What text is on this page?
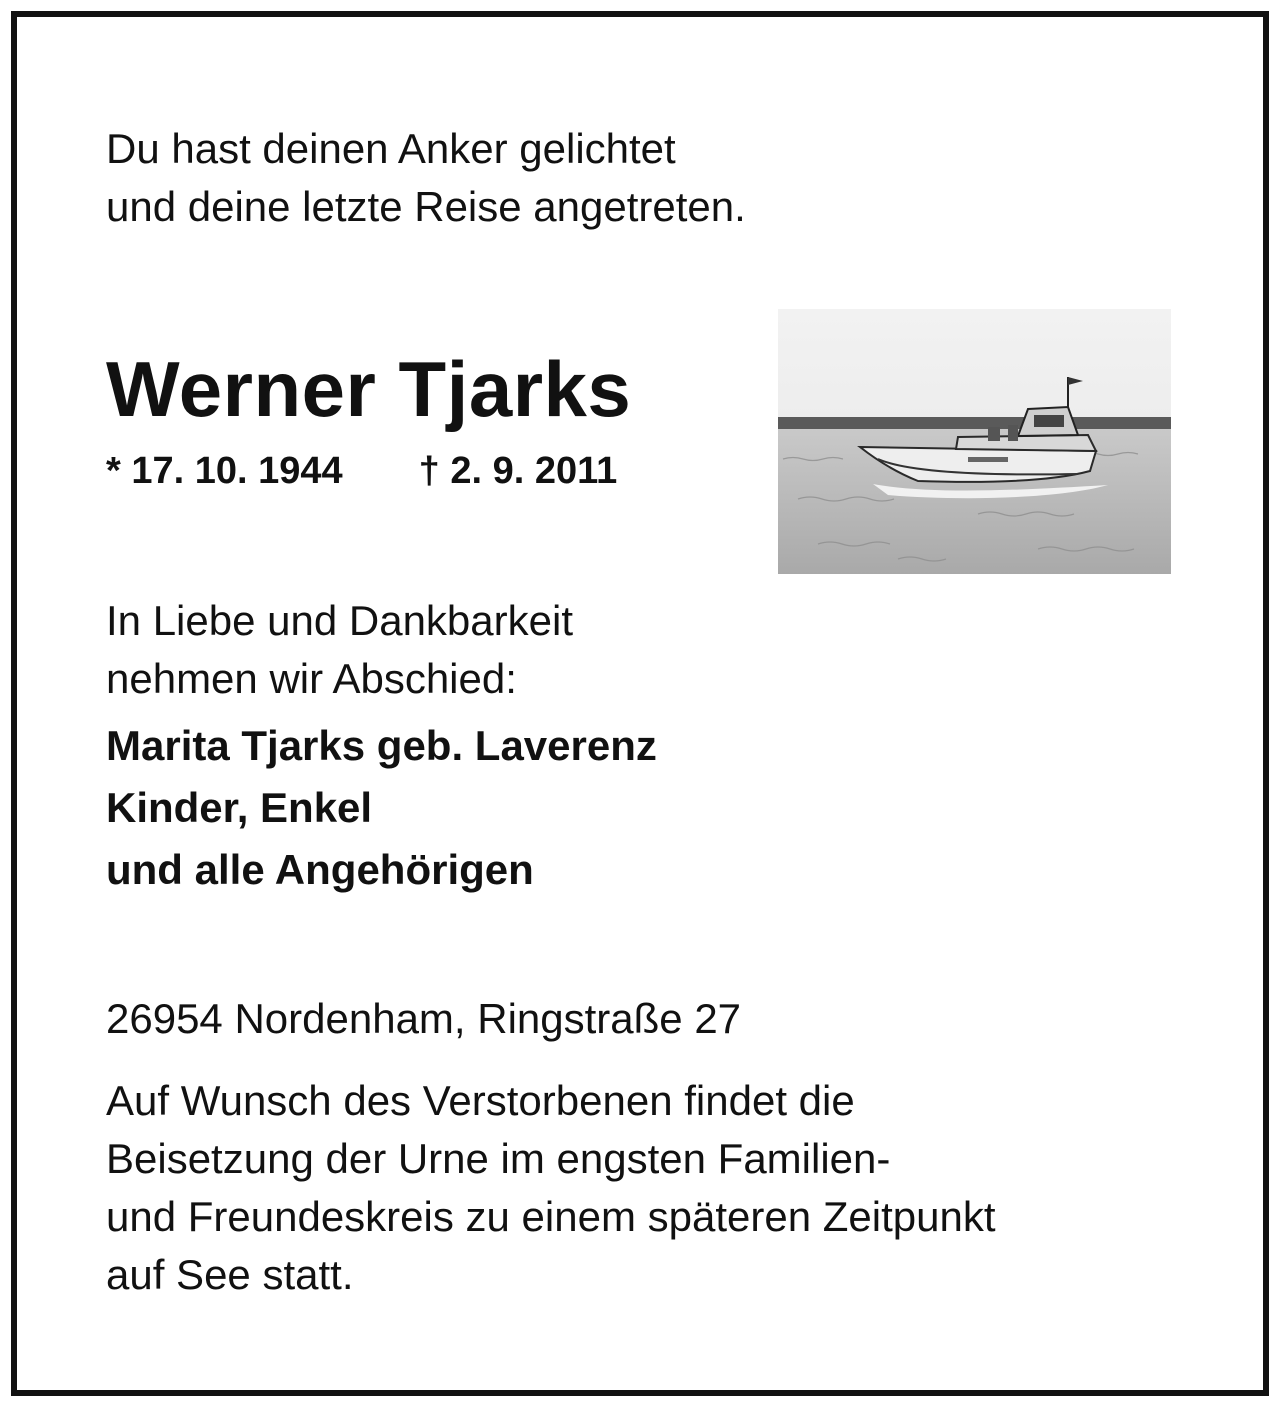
Du hast deinen Anker gelichtet
und deine letzte Reise angetreten.
Werner Tjarks
* 17. 10. 1944 † 2. 9. 2011
In Liebe und Dankbarkeit
nehmen wir Abschied:
Marita Tjarks geb. Laverenz
Kinder, Enkel
und alle Angehörigen
26954 Nordenham, Ringstraße 27
Auf Wunsch des Verstorbenen findet die
Beisetzung der Urne im engsten Familien-
und Freundeskreis zu einem späteren Zeitpunkt
auf See statt.
